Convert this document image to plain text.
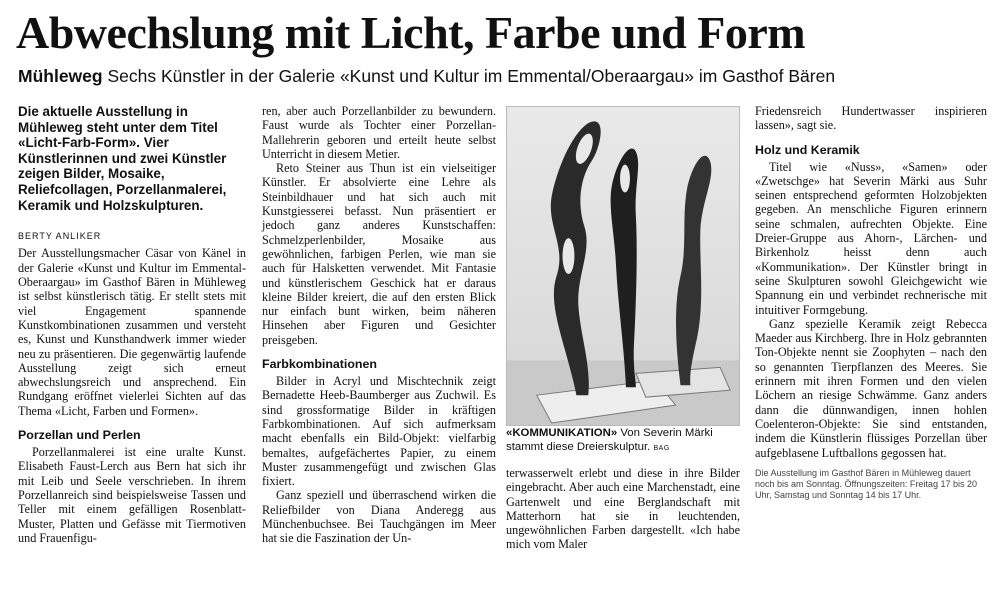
Abwechslung mit Licht, Farbe und Form
Mühleweg Sechs Künstler in der Galerie «Kunst und Kultur im Emmental/Oberaargau» im Gasthof Bären

Die aktuelle Ausstellung in Mühleweg steht unter dem Titel «Licht-Farb-Form». Vier Künstlerinnen und zwei Künstler zeigen Bilder, Mosaike, Reliefcollagen, Porzellanmalerei, Keramik und Holzskulpturen.

BERTY ANLIKER

Der Ausstellungsmacher Cäsar von Känel in der Galerie «Kunst und Kultur im Emmental-Oberaargau» im Gasthof Bären in Mühleweg ist selbst künstlerisch tätig. Er stellt stets mit viel Engagement spannende Kunstkombinationen zusammen und versteht es, Kunst und Kunsthandwerk immer wieder neu zu präsentieren. Die gegenwärtig laufende Ausstellung zeigt sich erneut abwechslungsreich und ansprechend. Ein Rundgang eröffnet vielerlei Sichten auf das Thema «Licht, Farben und Formen».

Porzellan und Perlen

Porzellanmalerei ist eine uralte Kunst. Elisabeth Faust-Lerch aus Bern hat sich ihr mit Leib und Seele verschrieben. In ihrem Porzellanreich sind beispielsweise Tassen und Teller mit einem gefälligen Rosenblatt-Muster, Platten und Gefässe mit Tiermotiven und Frauenfigu-

ren, aber auch Porzellanbilder zu bewundern. Faust wurde als Tochter einer Porzellan-Mallehrerin geboren und erteilt heute selbst Unterricht in diesem Metier.

Reto Steiner aus Thun ist ein vielseitiger Künstler. Er absolvierte eine Lehre als Steinbildhauer und hat sich auch mit Kunstgiesserei befasst. Nun präsentiert er jedoch ganz anderes Kunstschaffen: Schmelzperlenbilder, Mosaike aus gewöhnlichen, farbigen Perlen, wie man sie auch für Halsketten verwendet. Mit Fantasie und künstlerischem Geschick hat er daraus kleine Bilder kreiert, die auf den ersten Blick nur einfach bunt wirken, beim näheren Hinsehen aber Figuren und Gesichter preisgeben.

Farbkombinationen

Bilder in Acryl und Mischtechnik zeigt Bernadette Heeb-Baumberger aus Zuchwil. Es sind grossformatige Bilder in kräftigen Farbkombinationen. Auf sich aufmerksam macht ebenfalls ein Bild-Objekt: vielfarbig bemaltes, aufgefächertes Papier, zu einem Muster zusammengefügt und zwischen Glas fixiert.

Ganz speziell und überraschend wirken die Reliefbilder von Diana Anderegg aus Münchenbuchsee. Bei Tauchgängen im Meer hat sie die Faszination der Un-

«KOMMUNIKATION» Von Severin Märki stammt diese Dreierskulptur. BAG

terwasserwelt erlebt und diese in ihre Bilder eingebracht. Aber auch eine Marchenstadt, eine Gartenwelt und eine Berglandschaft mit Matterhorn hat sie in leuchtenden, ungewöhnlichen Farben dargestellt. «Ich habe mich vom Maler

Friedensreich Hundertwasser inspirieren lassen», sagt sie.

Holz und Keramik

Titel wie «Nuss», «Samen» oder «Zwetschge» hat Severin Märki aus Suhr seinen entsprechend geformten Holzobjekten gegeben. An menschliche Figuren erinnern seine schmalen, aufrechten Objekte. Eine Dreier-Gruppe aus Ahorn-, Lärchen- und Birkenholz heisst denn auch «Kommunikation». Der Künstler bringt in seine Skulpturen sowohl Gleichgewicht wie Spannung ein und verbindet rechnerische mit intuitiver Formgebung.

Ganz spezielle Keramik zeigt Rebecca Maeder aus Kirchberg. Ihre in Holz gebrannten Ton-Objekte nennt sie Zoophyten – nach den so genannten Tierpflanzen des Meeres. Sie erinnern mit ihren Formen und den vielen Löchern an riesige Schwämme. Ganz anders dann die dünnwandigen, innen hohlen Coelenteron-Objekte: Sie sind entstanden, indem die Künstlerin flüssiges Porzellan über aufgeblasene Luftballons gegossen hat.

Die Ausstellung im Gasthof Bären in Mühleweg dauert noch bis am Sonntag. Öffnungszeiten: Freitag 17 bis 20 Uhr, Samstag und Sonntag 14 bis 17 Uhr.
